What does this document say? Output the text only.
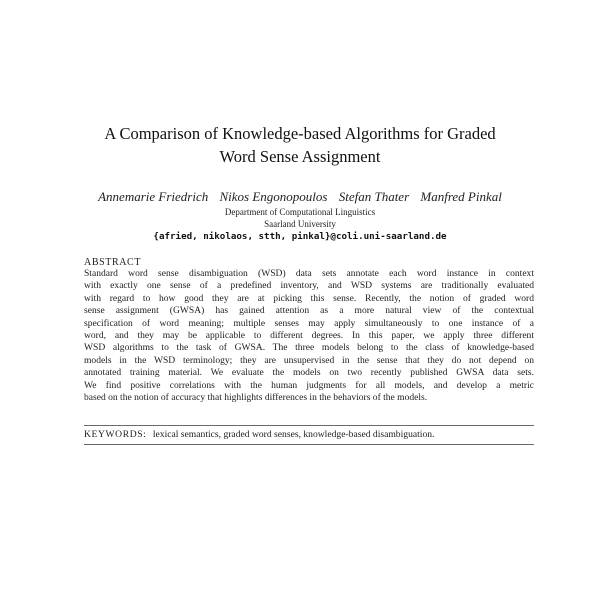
A Comparison of Knowledge-based Algorithms for Graded
Word Sense Assignment
Annemarie Friedrich Nikos Engonopoulos Stefan Thater Manfred Pinkal
Department of Computational Linguistics
Saarland University
{afried, nikolaos, stth, pinkal}@coli.uni-saarland.de
ABSTRACT

Standard word sense disambiguation (WSD) data sets annotate each word instance in context
with exactly one sense of a predefined inventory, and WSD systems are traditionally evaluated
with regard to how good they are at picking this sense. Recently, the notion of graded word
sense assignment (GWSA) has gained attention as a more natural view of the contextual
specification of word meaning; multiple senses may apply simultaneously to one instance of a
word, and they may be applicable to different degrees. In this paper, we apply three different
WSD algorithms to the task of GWSA. The three models belong to the class of knowledge-based
models in the WSD terminology; they are unsupervised in the sense that they do not depend on
annotated training material. We evaluate the models on two recently published GWSA data sets.
We find positive correlations with the human judgments for all models, and develop a metric
based on the notion of accuracy that highlights differences in the behaviors of the models.

KEYWORDS: lexical semantics, graded word senses, knowledge-based disambiguation.
